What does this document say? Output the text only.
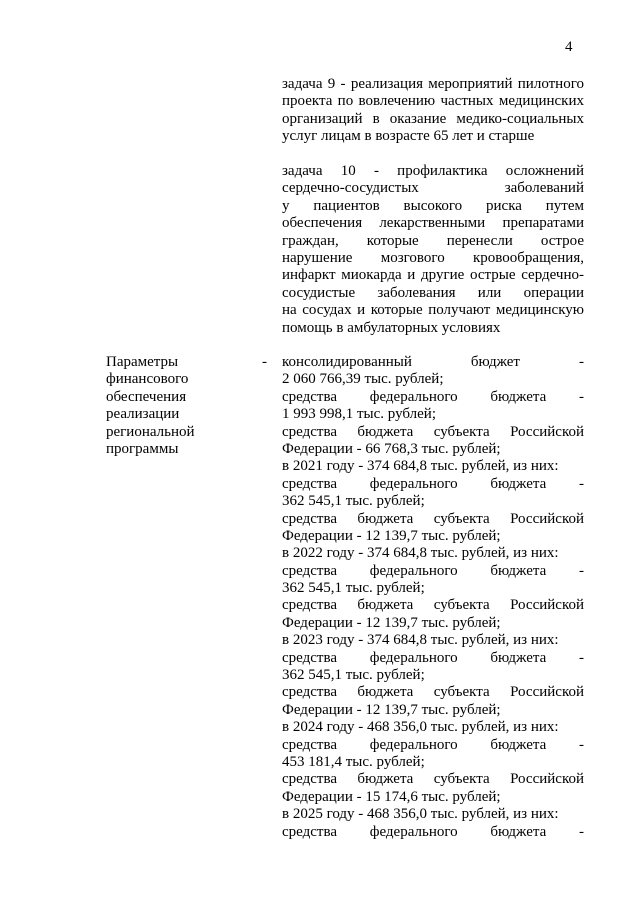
4
задача 9 - реализация мероприятий пилотного
проекта по вовлечению частных медицинских
организаций в оказание медико-социальных
услуг лицам в возрасте 65 лет и старше
задача 10 - профилактика осложнений
сердечно-сосудистых заболеваний
у пациентов высокого риска путем
обеспечения лекарственными препаратами
граждан, которые перенесли острое
нарушение мозгового кровообращения,
инфаркт миокарда и другие острые сердечно-
сосудистые заболевания или операции
на сосудах и которые получают медицинскую
помощь в амбулаторных условиях
Параметры
финансового
обеспечения
реализации
региональной
программы
- консолидированный бюджет -
2 060 766,39 тыс. рублей;
средства федерального бюджета -
1 993 998,1 тыс. рублей;
средства бюджета субъекта Российской
Федерации - 66 768,3 тыс. рублей;
в 2021 году - 374 684,8 тыс. рублей, из них:
средства федерального бюджета -
362 545,1 тыс. рублей;
средства бюджета субъекта Российской
Федерации - 12 139,7 тыс. рублей;
в 2022 году - 374 684,8 тыс. рублей, из них:
средства федерального бюджета -
362 545,1 тыс. рублей;
средства бюджета субъекта Российской
Федерации - 12 139,7 тыс. рублей;
в 2023 году - 374 684,8 тыс. рублей, из них:
средства федерального бюджета -
362 545,1 тыс. рублей;
средства бюджета субъекта Российской
Федерации - 12 139,7 тыс. рублей;
в 2024 году - 468 356,0 тыс. рублей, из них:
средства федерального бюджета -
453 181,4 тыс. рублей;
средства бюджета субъекта Российской
Федерации - 15 174,6 тыс. рублей;
в 2025 году - 468 356,0 тыс. рублей, из них:
средства федерального бюджета -
